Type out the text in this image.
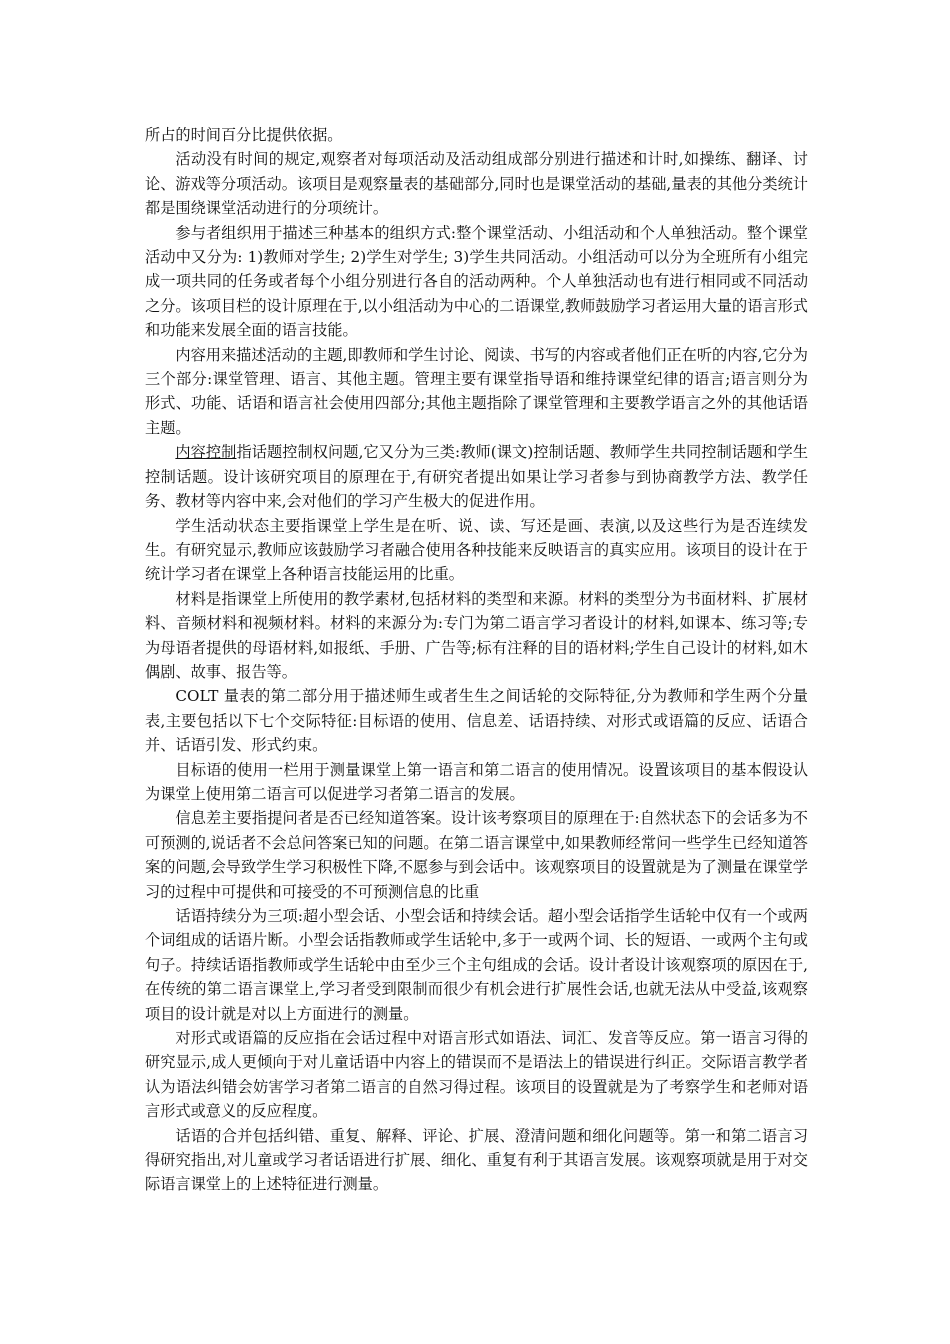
所占的时间百分比提供依据。

活动没有时间的规定,观察者对每项活动及活动组成部分别进行描述和计时,如操练、翻译、讨论、游戏等分项活动。该项目是观察量表的基础部分,同时也是课堂活动的基础,量表的其他分类统计都是围绕课堂活动进行的分项统计。

参与者组织用于描述三种基本的组织方式:整个课堂活动、小组活动和个人单独活动。整个课堂活动中又分为: 1)教师对学生; 2)学生对学生; 3)学生共同活动。小组活动可以分为全班所有小组完成一项共同的任务或者每个小组分别进行各自的活动两种。个人单独活动也有进行相同或不同活动之分。该项目栏的设计原理在于,以小组活动为中心的二语课堂,教师鼓励学习者运用大量的语言形式和功能来发展全面的语言技能。

内容用来描述活动的主题,即教师和学生讨论、阅读、书写的内容或者他们正在听的内容,它分为三个部分:课堂管理、语言、其他主题。管理主要有课堂指导语和维持课堂纪律的语言;语言则分为形式、功能、话语和语言社会使用四部分;其他主题指除了课堂管理和主要教学语言之外的其他话语主题。

内容控制指话题控制权问题,它又分为三类:教师(课文)控制话题、教师学生共同控制话题和学生控制话题。设计该研究项目的原理在于,有研究者提出如果让学习者参与到协商教学方法、教学任务、教材等内容中来,会对他们的学习产生极大的促进作用。

学生活动状态主要指课堂上学生是在听、说、读、写还是画、表演,以及这些行为是否连续发生。有研究显示,教师应该鼓励学习者融合使用各种技能来反映语言的真实应用。该项目的设计在于统计学习者在课堂上各种语言技能运用的比重。

材料是指课堂上所使用的教学素材,包括材料的类型和来源。材料的类型分为书面材料、扩展材料、音频材料和视频材料。材料的来源分为:专门为第二语言学习者设计的材料,如课本、练习等;专为母语者提供的母语材料,如报纸、手册、广告等;标有注释的目的语材料;学生自己设计的材料,如木偶剧、故事、报告等。

COLT 量表的第二部分用于描述师生或者生生之间话轮的交际特征,分为教师和学生两个分量表,主要包括以下七个交际特征:目标语的使用、信息差、话语持续、对形式或语篇的反应、话语合并、话语引发、形式约束。

目标语的使用一栏用于测量课堂上第一语言和第二语言的使用情况。设置该项目的基本假设认为课堂上使用第二语言可以促进学习者第二语言的发展。

信息差主要指提问者是否已经知道答案。设计该考察项目的原理在于:自然状态下的会话多为不可预测的,说话者不会总问答案已知的问题。在第二语言课堂中,如果教师经常问一些学生已经知道答案的问题,会导致学生学习积极性下降,不愿参与到会话中。该观察项目的设置就是为了测量在课堂学习的过程中可提供和可接受的不可预测信息的比重

话语持续分为三项:超小型会话、小型会话和持续会话。超小型会话指学生话轮中仅有一个或两个词组成的话语片断。小型会话指教师或学生话轮中,多于一或两个词、长的短语、一或两个主句或句子。持续话语指教师或学生话轮中由至少三个主句组成的会话。设计者设计该观察项的原因在于,在传统的第二语言课堂上,学习者受到限制而很少有机会进行扩展性会话,也就无法从中受益,该观察项目的设计就是对以上方面进行的测量。

对形式或语篇的反应指在会话过程中对语言形式如语法、词汇、发音等反应。第一语言习得的研究显示,成人更倾向于对儿童话语中内容上的错误而不是语法上的错误进行纠正。交际语言教学者认为语法纠错会妨害学习者第二语言的自然习得过程。该项目的设置就是为了考察学生和老师对语言形式或意义的反应程度。

话语的合并包括纠错、重复、解释、评论、扩展、澄清问题和细化问题等。第一和第二语言习得研究指出,对儿童或学习者话语进行扩展、细化、重复有利于其语言发展。该观察项就是用于对交际语言课堂上的上述特征进行测量。
